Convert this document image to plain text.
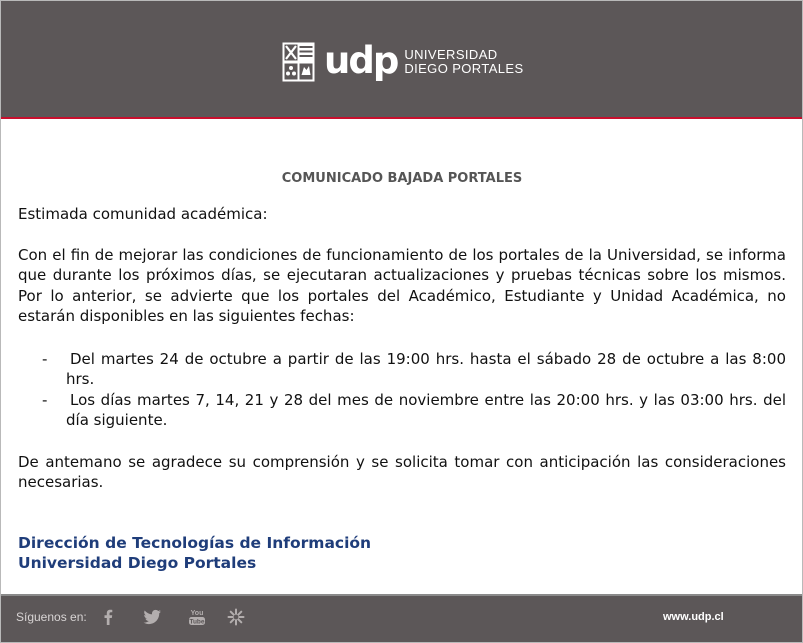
udp UNIVERSIDAD
DIEGO PORTALES

COMUNICADO BAJADA PORTALES

Estimada comunidad académica:

Con el fin de mejorar las condiciones de funcionamiento de los portales de la Universidad, se informa que durante los próximos días, se ejecutaran actualizaciones y pruebas técnicas sobre los mismos. Por lo anterior, se advierte que los portales del Académico, Estudiante y Unidad Académica, no estarán disponibles en las siguientes fechas:

- Del martes 24 de octubre a partir de las 19:00 hrs. hasta el sábado 28 de octubre a las 8:00 hrs.
- Los días martes 7, 14, 21 y 28 del mes de noviembre entre las 20:00 hrs. y las 03:00 hrs. del día siguiente.

De antemano se agradece su comprensión y se solicita tomar con anticipación las consideraciones necesarias.

Dirección de Tecnologías de Información

Universidad Diego Portales

Síguenos en:	You
Tube	www.udp.cl
